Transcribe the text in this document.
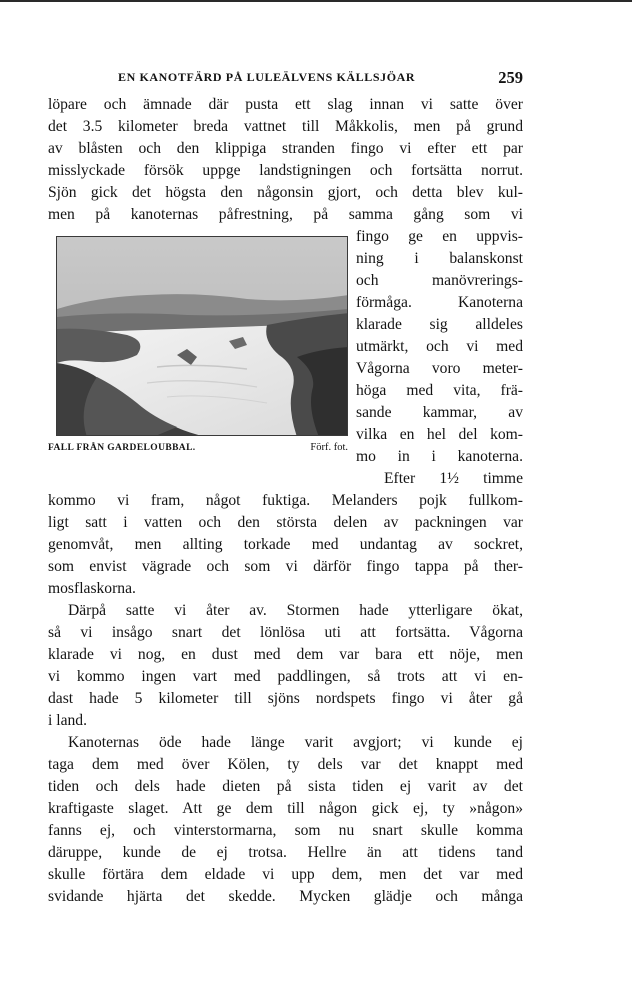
EN KANOTFÄRD PÅ LULEÄLVENS KÄLLSJÖAR	259
löpare och ämnade där pusta ett slag innan vi satte över
det 3.5 kilometer breda vattnet till Måkkolis, men på grund
av blåsten och den klippiga stranden fingo vi efter ett par
misslyckade försök uppge landstigningen och fortsätta norrut.
Sjön gick det högsta den någonsin gjort, och detta blev kul-
men på kanoternas påfrestning, på samma gång som vi
FALL FRÅN GARDELOUBBAL.	Förf. fot.
fingo ge en uppvis-
ning i balanskonst
och manövrerings-
förmåga. Kanoterna
klarade sig alldeles
utmärkt, och vi med
Vågorna voro meter-
höga med vita, frä-
sande kammar, av
vilka en hel del kom-
mo in i kanoterna.
Efter 1½ timme
kommo vi fram, något fuktiga. Melanders pojk fullkom-
ligt satt i vatten och den största delen av packningen var
genomvåt, men allting torkade med undantag av sockret,
som envist vägrade och som vi därför fingo tappa på ther-
mosflaskorna.
Därpå satte vi åter av. Stormen hade ytterligare ökat,
så vi insågo snart det lönlösa uti att fortsätta. Vågorna
klarade vi nog, en dust med dem var bara ett nöje, men
vi kommo ingen vart med paddlingen, så trots att vi en-
dast hade 5 kilometer till sjöns nordspets fingo vi åter gå
i land.
Kanoternas öde hade länge varit avgjort; vi kunde ej
taga dem med över Kölen, ty dels var det knappt med
tiden och dels hade dieten på sista tiden ej varit av det
kraftigaste slaget. Att ge dem till någon gick ej, ty »någon»
fanns ej, och vinterstormarna, som nu snart skulle komma
däruppe, kunde de ej trotsa. Hellre än att tidens tand
skulle förtära dem eldade vi upp dem, men det var med
svidande hjärta det skedde. Mycken glädje och många
